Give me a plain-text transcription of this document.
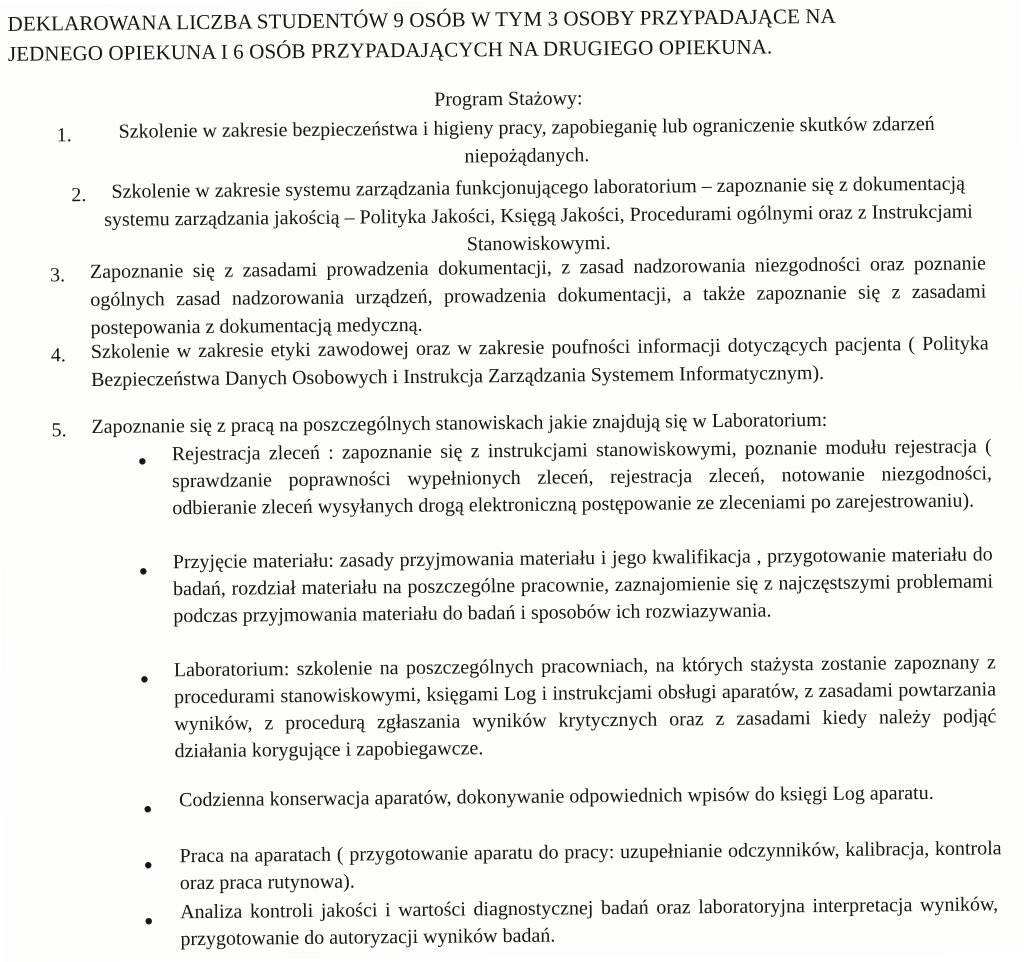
DEKLAROWANA LICZBA STUDENTÓW 9 OSÓB W TYM 3 OSOBY PRZYPADAJĄCE NA

JEDNEGO OPIEKUNA I 6 OSÓB PRZYPADAJĄCYCH NA DRUGIEGO OPIEKUNA.

Program Stażowy:
1.	Szkolenie w zakresie bezpieczeństwa i higieny pracy, zapobieganię lub ograniczenie skutków zdarzeń niepożądanych.
2.	Szkolenie w zakresie systemu zarządzania funkcjonującego laboratorium – zapoznanie się z dokumentacją systemu zarządzania jakością – Polityka Jakości, Księgą Jakości, Procedurami ogólnymi oraz z Instrukcjami Stanowiskowymi.
3. Zapoznanie się z zasadami prowadzenia dokumentacji, z zasad nadzorowania niezgodności oraz poznanie ogólnych zasad nadzorowania urządzeń, prowadzenia dokumentacji, a także zapoznanie się z zasadami postepowania z dokumentacją medyczną.
4. Szkolenie w zakresie etyki zawodowej oraz w zakresie poufności informacji dotyczących pacjenta ( Polityka Bezpieczeństwa Danych Osobowych i Instrukcja Zarządzania Systemem Informatycznym).
5. Zapoznanie się z pracą na poszczególnych stanowiskach jakie znajdują się w Laboratorium:
● Rejestracja zleceń : zapoznanie się z instrukcjami stanowiskowymi, poznanie modułu rejestracja ( sprawdzanie poprawności wypełnionych zleceń, rejestracja zleceń, notowanie niezgodności, odbieranie zleceń wysyłanych drogą elektroniczną postępowanie ze zleceniami po zarejestrowaniu).
● Przyjęcie materiału: zasady przyjmowania materiału i jego kwalifikacja , przygotowanie materiału do badań, rozdział materiału na poszczególne pracownie, zaznajomienie się z najczęstszymi problemami podczas przyjmowania materiału do badań i sposobów ich rozwiazywania.
● Laboratorium: szkolenie na poszczególnych pracowniach, na których stażysta zostanie zapoznany z procedurami stanowiskowymi, księgami Log i instrukcjami obsługi aparatów, z zasadami powtarzania wyników, z procedurą zgłaszania wyników krytycznych oraz z zasadami kiedy należy podjąć działania korygujące i zapobiegawcze.
● Codzienna konserwacja aparatów, dokonywanie odpowiednich wpisów do księgi Log aparatu.
● Praca na aparatach ( przygotowanie aparatu do pracy: uzupełnianie odczynników, kalibracja, kontrola oraz praca rutynowa).
● Analiza kontroli jakości i wartości diagnostycznej badań oraz laboratoryjna interpretacja wyników, przygotowanie do autoryzacji wyników badań.
